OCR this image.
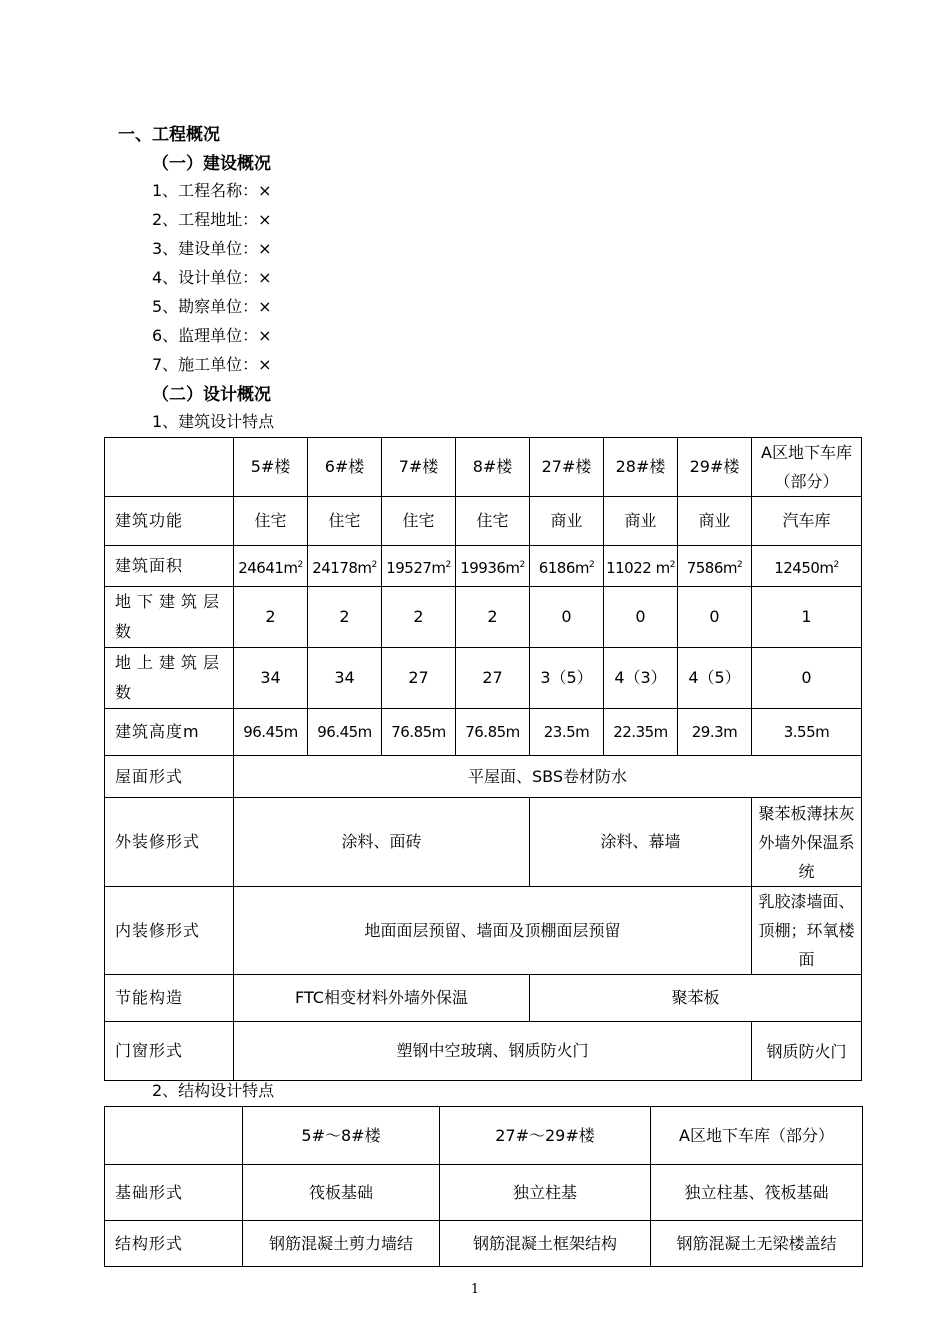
一、工程概况
（一）建设概况
1、工程名称：×
2、工程地址：×
3、建设单位：×
4、设计单位：×
5、勘察单位：×
6、监理单位：×
7、施工单位：×
（二）设计概况
1、建筑设计特点
	5#楼	6#楼	7#楼	8#楼	27#楼	28#楼	29#楼	A区地下车库（部分）
建筑功能	住宅	住宅	住宅	住宅	商业	商业	商业	汽车库
建筑面积	$24641m^2$	$24178m^2$	$19527m^2$	$19936m^2$	$6186m^2$	11022 $m^2$	$7586m^2$	$12450m^2$
地下建筑层数	2	2	2	2	0	0	0	1
地上建筑层数	34	34	27	27	3（5）	4（3）	4（5）	0
建筑高度m	96.45m	96.45m	76.85m	76.85m	23.5m	22.35m	29.3m	3.55m
屋面形式	平屋面、SBS卷材防水							
外装修形式	涂料、面砖				涂料、幕墙			聚苯板薄抹灰外墙外保温系统
内装修形式	地面面层预留、墙面及顶棚面层预留							乳胶漆墙面、顶棚；环氧楼面
节能构造	FTC相变材料外墙外保温				聚苯板			
门窗形式	塑钢中空玻璃、钢质防火门							钢质防火门
2、结构设计特点
	5#～8#楼	27#～29#楼	A区地下车库（部分）
基础形式	筏板基础	独立柱基	独立柱基、筏板基础
结构形式	钢筋混凝土剪力墙结	钢筋混凝土框架结构	钢筋混凝土无梁楼盖结
1
